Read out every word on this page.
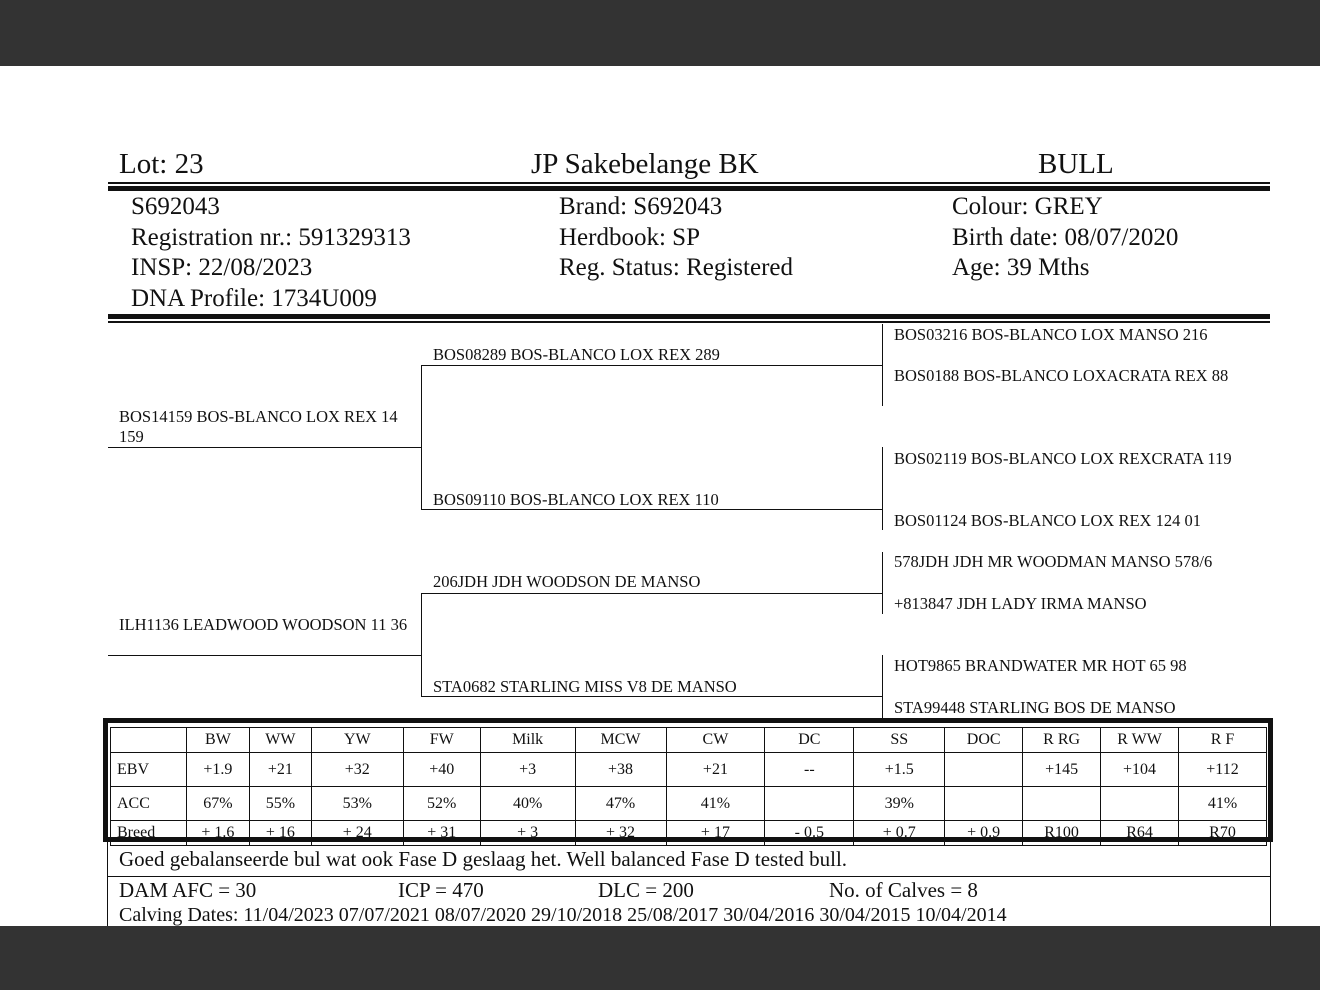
Lot: 23	JP Sakebelange BK	BULL
S692043
Registration nr.: 591329313
INSP: 22/08/2023
DNA Profile: 1734U009
Brand: S692043
Herdbook: SP
Reg. Status: Registered
Colour: GREY
Birth date: 08/07/2020
Age: 39 Mths
BOS14159 BOS-BLANCO LOX REX 14 159
BOS08289 BOS-BLANCO LOX REX 289
BOS09110 BOS-BLANCO LOX REX 110
BOS03216 BOS-BLANCO LOX MANSO 216
BOS0188 BOS-BLANCO LOXACRATA REX 88
BOS02119 BOS-BLANCO LOX REXCRATA 119
BOS01124 BOS-BLANCO LOX REX 124 01
ILH1136 LEADWOOD WOODSON 11 36
206JDH JDH WOODSON DE MANSO
STA0682 STARLING MISS V8 DE MANSO
578JDH JDH MR WOODMAN MANSO 578/6
+813847 JDH LADY IRMA MANSO
HOT9865 BRANDWATER MR HOT 65 98
STA99448 STARLING BOS DE MANSO
	BW	WW	YW	FW	Milk	MCW	CW	DC	SS	DOC	R RG	R WW	R F
EBV	+1.9	+21	+32	+40	+3	+38	+21	--	+1.5		+145	+104	+112
ACC	67%	55%	53%	52%	40%	47%	41%		39%				41%
Breed	+ 1.6	+ 16	+ 24	+ 31	+ 3	+ 32	+ 17	- 0.5	+ 0.7	+ 0.9	R100	R64	R70
Goed gebalanseerde bul wat ook Fase D geslaag het. Well balanced Fase D tested bull.
DAM AFC = 30	ICP = 470	DLC = 200	No. of Calves = 8
Calving Dates: 11/04/2023 07/07/2021 08/07/2020 29/10/2018 25/08/2017 30/04/2016 30/04/2015 10/04/2014
